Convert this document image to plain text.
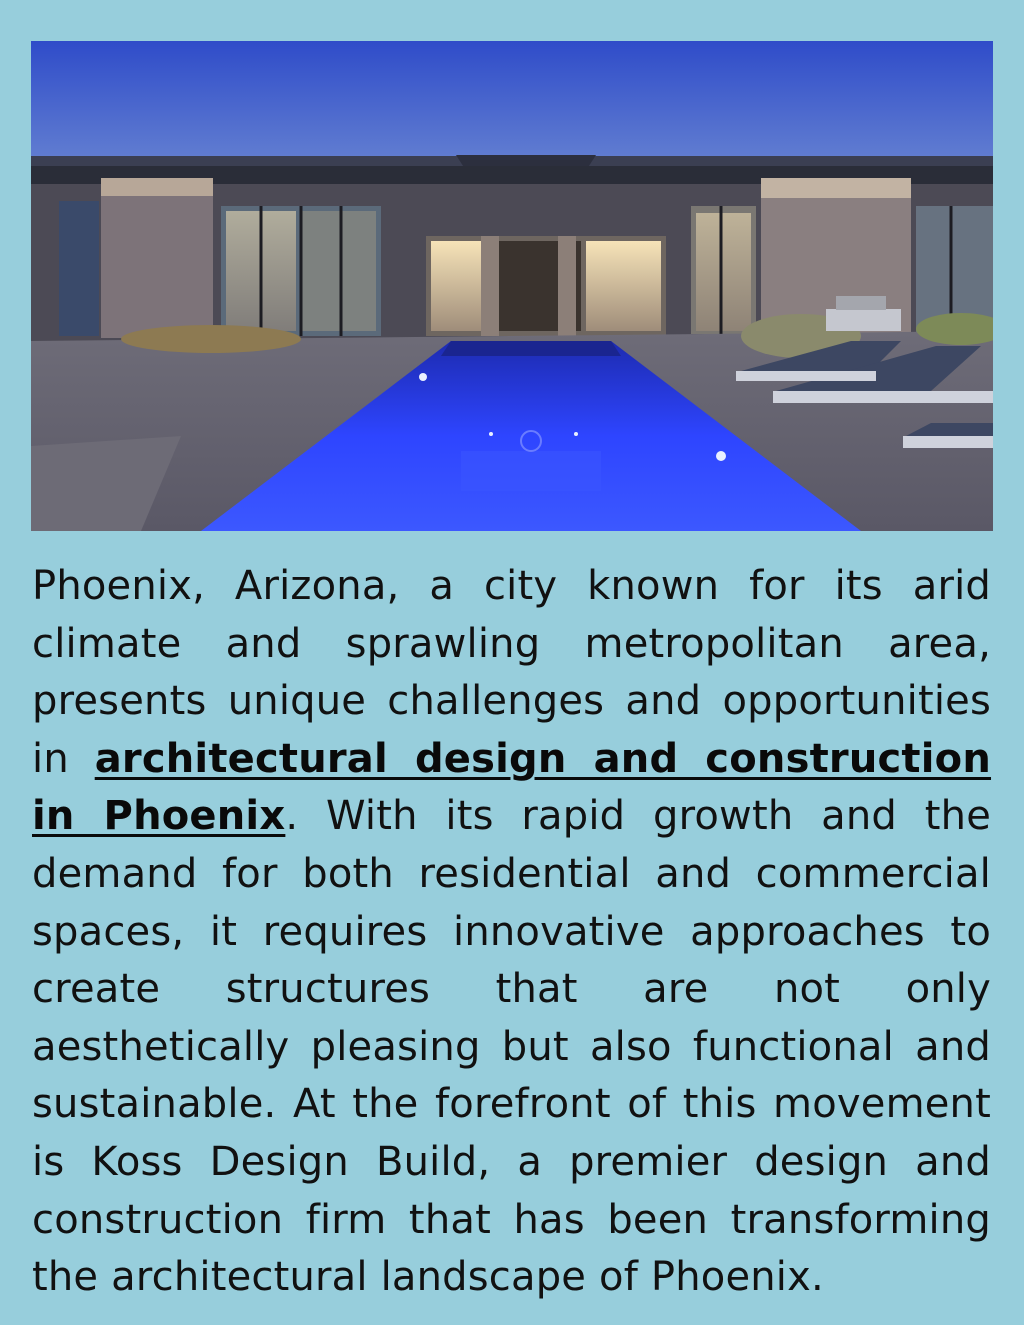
Phoenix, Arizona, a city known for its arid climate and sprawling metropolitan area, presents unique challenges and opportunities in architectural design and construction in Phoenix. With its rapid growth and the demand for both residential and commercial spaces, it requires innovative approaches to create structures that are not only aesthetically pleasing but also functional and sustainable. At the forefront of this movement is Koss Design Build, a premier design and construction firm that has been transforming the architectural landscape of Phoenix.
